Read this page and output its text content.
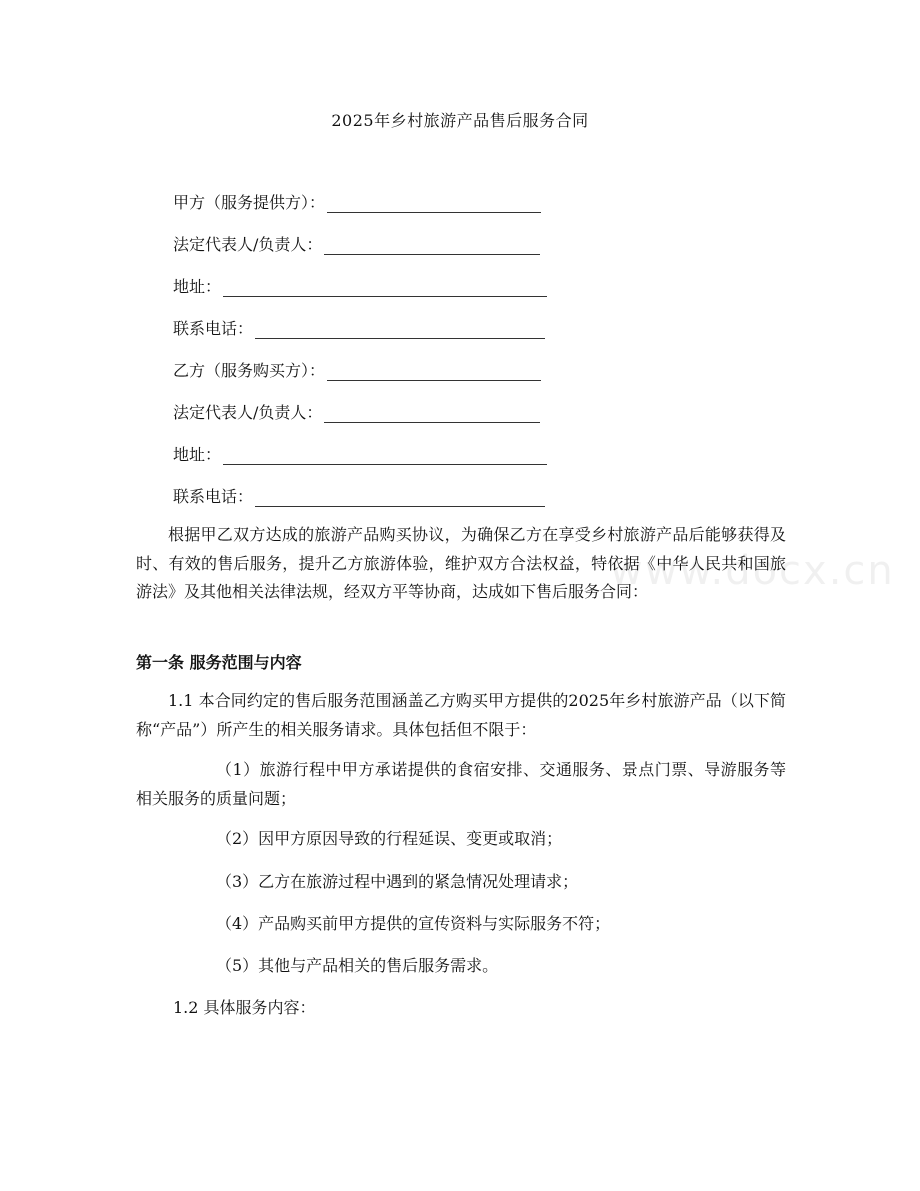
www.docx.cn
2025年乡村旅游产品售后服务合同
甲方（服务提供方）：
法定代表人/负责人：
地址：
联系电话：
乙方（服务购买方）：
法定代表人/负责人：
地址：
联系电话：
根据甲乙双方达成的旅游产品购买协议，为确保乙方在享受乡村旅游产品后能够获得及时、有效的售后服务，提升乙方旅游体验，维护双方合法权益，特依据《中华人民共和国旅游法》及其他相关法律法规，经双方平等协商，达成如下售后服务合同：
第一条 服务范围与内容
1.1 本合同约定的售后服务范围涵盖乙方购买甲方提供的2025年乡村旅游产品（以下简称“产品”）所产生的相关服务请求。具体包括但不限于：
（1）旅游行程中甲方承诺提供的食宿安排、交通服务、景点门票、导游服务等相关服务的质量问题；
（2）因甲方原因导致的行程延误、变更或取消；
（3）乙方在旅游过程中遇到的紧急情况处理请求；
（4）产品购买前甲方提供的宣传资料与实际服务不符；
（5）其他与产品相关的售后服务需求。
1.2 具体服务内容：
